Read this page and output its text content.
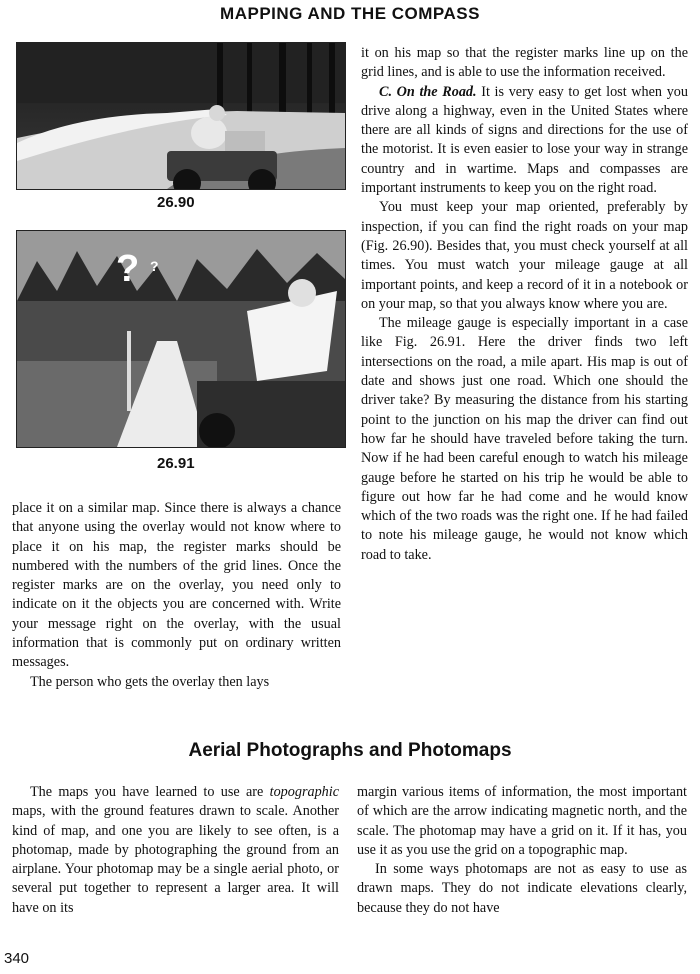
MAPPING AND THE COMPASS
26.90
? ?
26.91

it on his map so that the register marks line up on the grid lines, and is able to use the information received.

C. On the Road. It is very easy to get lost when you drive along a highway, even in the United States where there are all kinds of signs and directions for the use of the motorist. It is even easier to lose your way in strange country and in wartime. Maps and compasses are important instruments to keep you on the right road.

You must keep your map oriented, preferably by inspection, if you can find the right roads on your map (Fig. 26.90). Besides that, you must check yourself at all times. You must watch your mileage gauge at all important points, and keep a record of it in a notebook or on your map, so that you always know where you are.

The mileage gauge is especially important in a case like Fig. 26.91. Here the driver finds two left intersections on the road, a mile apart. His map is out of date and shows just one road. Which one should the driver take? By measuring the distance from his starting point to the junction on his map the driver can find out how far he should have traveled before taking the turn. Now if he had been careful enough to watch his mileage gauge before he started on his trip he would be able to figure out how far he had come and he would know which of the two roads was the right one. If he had failed to note his mileage gauge, he would not know which road to take.

place it on a similar map. Since there is always a chance that anyone using the overlay would not know where to place it on his map, the register marks should be numbered with the numbers of the grid lines. Once the register marks are on the overlay, you need only to indicate on it the objects you are concerned with. Write your message right on the overlay, with the usual information that is commonly put on ordinary written messages.

The person who gets the overlay then lays

Aerial Photographs and Photomaps

The maps you have learned to use are topographic maps, with the ground features drawn to scale. Another kind of map, and one you are likely to see often, is a photomap, made by photographing the ground from an airplane. Your photomap may be a single aerial photo, or several put together to represent a larger area. It will have on its

margin various items of information, the most important of which are the arrow indicating magnetic north, and the scale. The photomap may have a grid on it. If it has, you use it as you use the grid on a topographic map.

In some ways photomaps are not as easy to use as drawn maps. They do not indicate elevations clearly, because they do not have

340
